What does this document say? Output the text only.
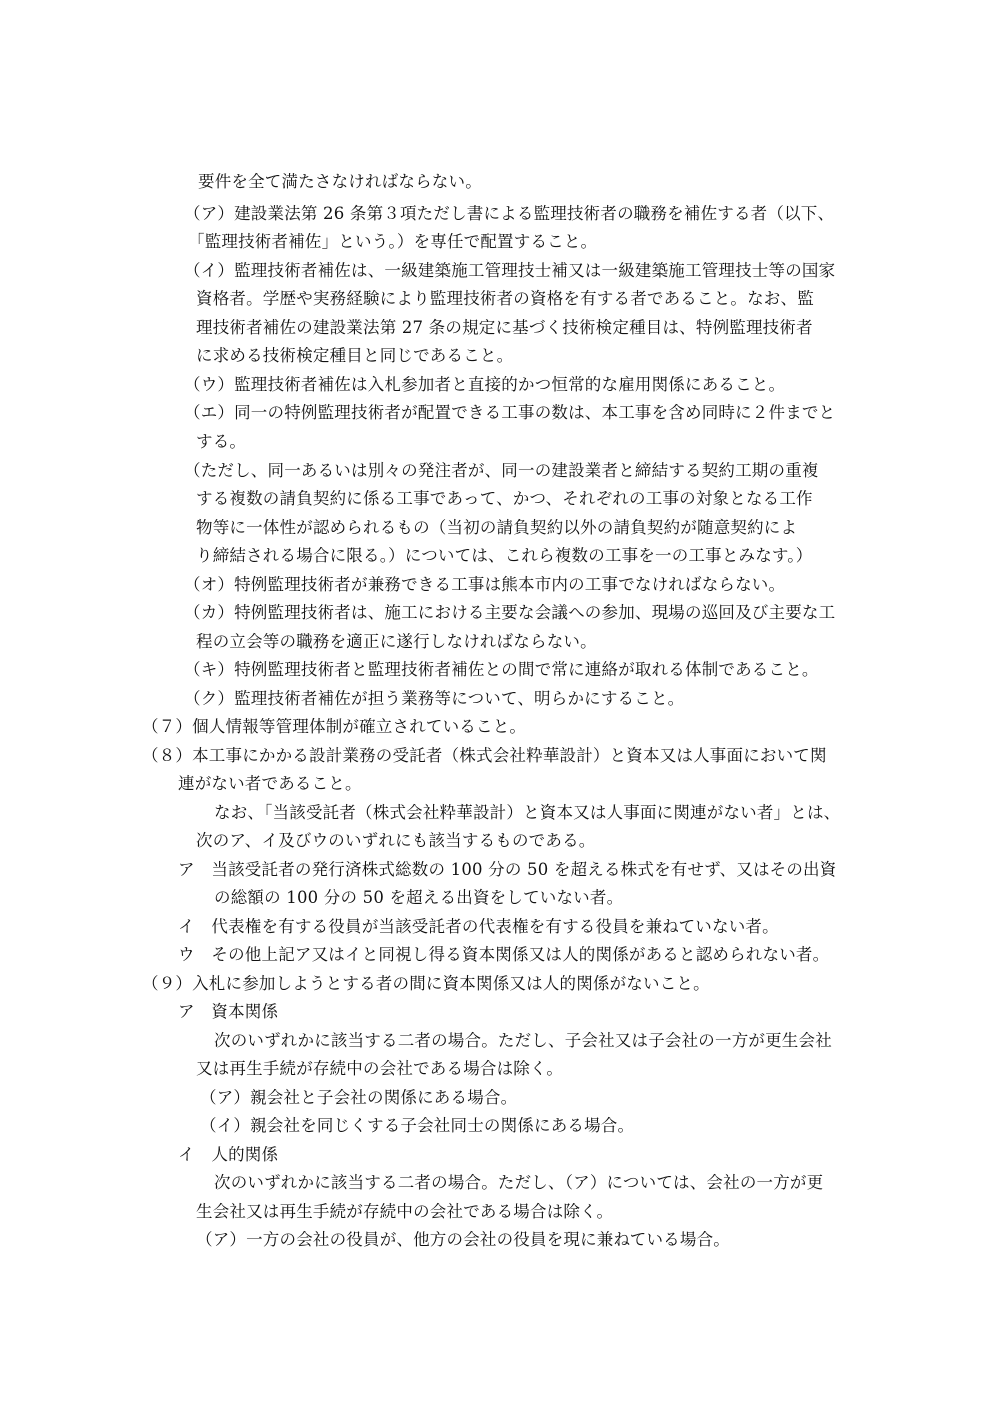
要件を全て満たさなければならない。
（ア）建設業法第 26 条第３項ただし書による監理技術者の職務を補佐する者（以下、
「監理技術者補佐」という。）を専任で配置すること。
（イ）監理技術者補佐は、一級建築施工管理技士補又は一級建築施工管理技士等の国家
資格者。学歴や実務経験により監理技術者の資格を有する者であること。なお、監
理技術者補佐の建設業法第 27 条の規定に基づく技術検定種目は、特例監理技術者
に求める技術検定種目と同じであること。
（ウ）監理技術者補佐は入札参加者と直接的かつ恒常的な雇用関係にあること。
（エ）同一の特例監理技術者が配置できる工事の数は、本工事を含め同時に２件までと
する。
（ただし、同一あるいは別々の発注者が、同一の建設業者と締結する契約工期の重複
する複数の請負契約に係る工事であって、かつ、それぞれの工事の対象となる工作
物等に一体性が認められるもの（当初の請負契約以外の請負契約が随意契約によ
り締結される場合に限る。）については、これら複数の工事を一の工事とみなす。）
（オ）特例監理技術者が兼務できる工事は熊本市内の工事でなければならない。
（カ）特例監理技術者は、施工における主要な会議への参加、現場の巡回及び主要な工
程の立会等の職務を適正に遂行しなければならない。
（キ）特例監理技術者と監理技術者補佐との間で常に連絡が取れる体制であること。
（ク）監理技術者補佐が担う業務等について、明らかにすること。
（７）個人情報等管理体制が確立されていること。
（８）本工事にかかる設計業務の受託者（株式会社粋華設計）と資本又は人事面において関
連がない者であること。
なお、「当該受託者（株式会社粋華設計）と資本又は人事面に関連がない者」とは、
次のア、イ及びウのいずれにも該当するものである。
ア　当該受託者の発行済株式総数の 100 分の 50 を超える株式を有せず、又はその出資
の総額の 100 分の 50 を超える出資をしていない者。
イ　代表権を有する役員が当該受託者の代表権を有する役員を兼ねていない者。
ウ　その他上記ア又はイと同視し得る資本関係又は人的関係があると認められない者。
（９）入札に参加しようとする者の間に資本関係又は人的関係がないこと。
ア　資本関係
次のいずれかに該当する二者の場合。ただし、子会社又は子会社の一方が更生会社
又は再生手続が存続中の会社である場合は除く。
（ア）親会社と子会社の関係にある場合。
（イ）親会社を同じくする子会社同士の関係にある場合。
イ　人的関係
次のいずれかに該当する二者の場合。ただし、（ア）については、会社の一方が更
生会社又は再生手続が存続中の会社である場合は除く。
（ア）一方の会社の役員が、他方の会社の役員を現に兼ねている場合。
